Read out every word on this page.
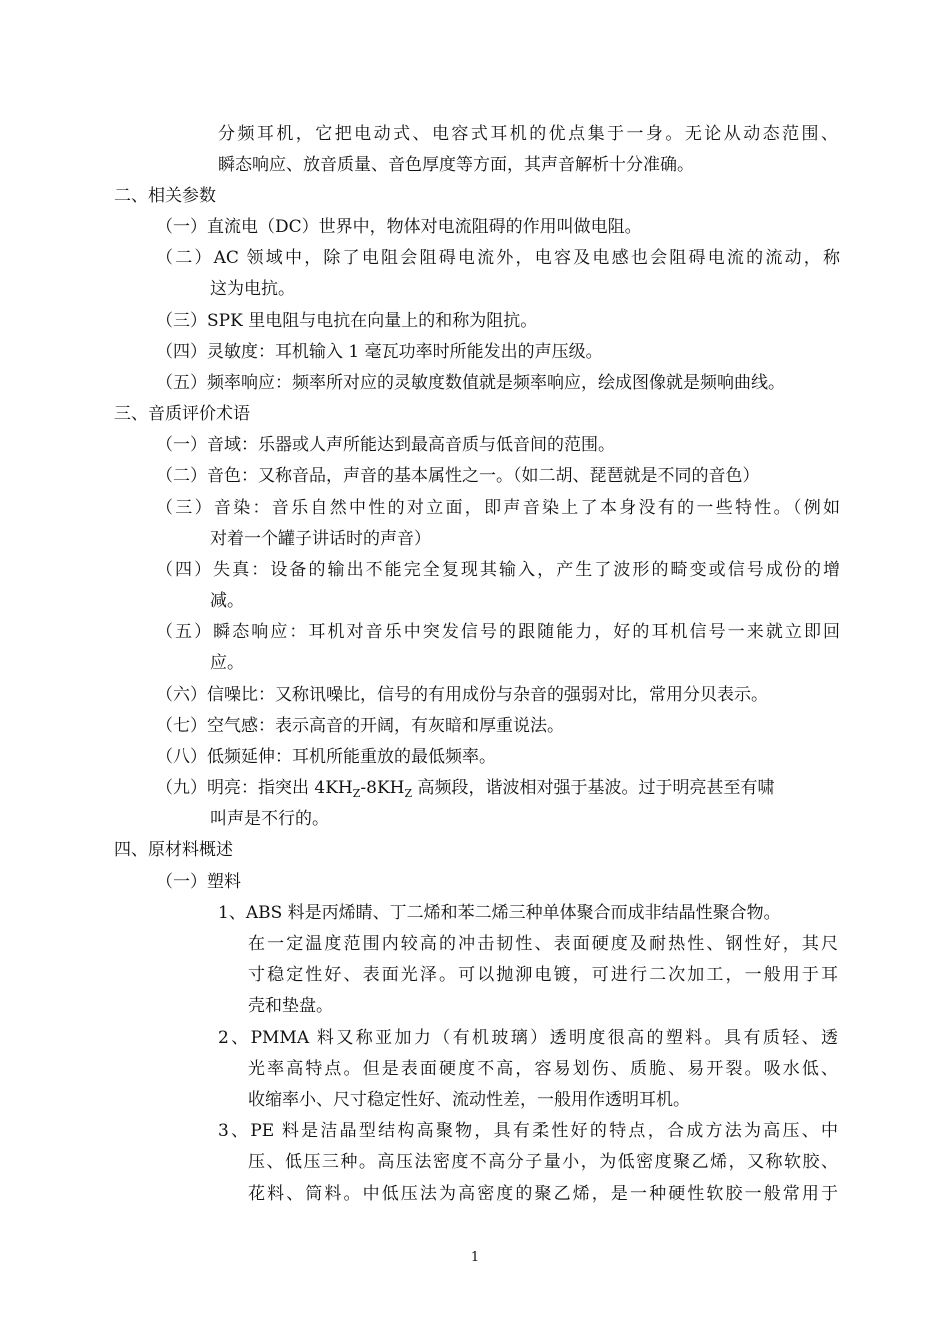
分频耳机，它把电动式、电容式耳机的优点集于一身。无论从动态范围、
瞬态响应、放音质量、音色厚度等方面，其声音解析十分准确。
二、相关参数
（一）直流电（DC）世界中，物体对电流阻碍的作用叫做电阻。
（二）AC 领域中，除了电阻会阻碍电流外，电容及电感也会阻碍电流的流动，称
这为电抗。
（三）SPK 里电阻与电抗在向量上的和称为阻抗。
（四）灵敏度：耳机输入 1 毫瓦功率时所能发出的声压级。
（五）频率响应：频率所对应的灵敏度数值就是频率响应，绘成图像就是频响曲线。
三、音质评价术语
（一）音域：乐器或人声所能达到最高音质与低音间的范围。
（二）音色：又称音品，声音的基本属性之一。（如二胡、琵琶就是不同的音色）
（三）音染：音乐自然中性的对立面，即声音染上了本身没有的一些特性。（例如
对着一个罐子讲话时的声音）
（四）失真：设备的输出不能完全复现其输入，产生了波形的畸变或信号成份的增
减。
（五）瞬态响应：耳机对音乐中突发信号的跟随能力，好的耳机信号一来就立即回
应。
（六）信噪比：又称讯噪比，信号的有用成份与杂音的强弱对比，常用分贝表示。
（七）空气感：表示高音的开阔，有灰暗和厚重说法。
（八）低频延伸：耳机所能重放的最低频率。
（九）明亮：指突出 $4KH_Z-8KH_Z$ 高频段，谐波相对强于基波。过于明亮甚至有啸
叫声是不行的。
四、原材料概述
（一）塑料
1、ABS 料是丙烯睛、丁二烯和苯二烯三种单体聚合而成非结晶性聚合物。
在一定温度范围内较高的冲击韧性、表面硬度及耐热性、钢性好，其尺
寸稳定性好、表面光泽。可以抛泖电镀，可进行二次加工，一般用于耳
壳和垫盘。
2、PMMA 料又称亚加力（有机玻璃）透明度很高的塑料。具有质轻、透
光率高特点。但是表面硬度不高，容易划伤、质脆、易开裂。吸水低、
收缩率小、尺寸稳定性好、流动性差，一般用作透明耳机。
3、PE 料是洁晶型结构高聚物，具有柔性好的特点，合成方法为高压、中
压、低压三种。高压法密度不高分子量小，为低密度聚乙烯，又称软胶、
花料、筒料。中低压法为高密度的聚乙烯，是一种硬性软胶一般常用于
1
